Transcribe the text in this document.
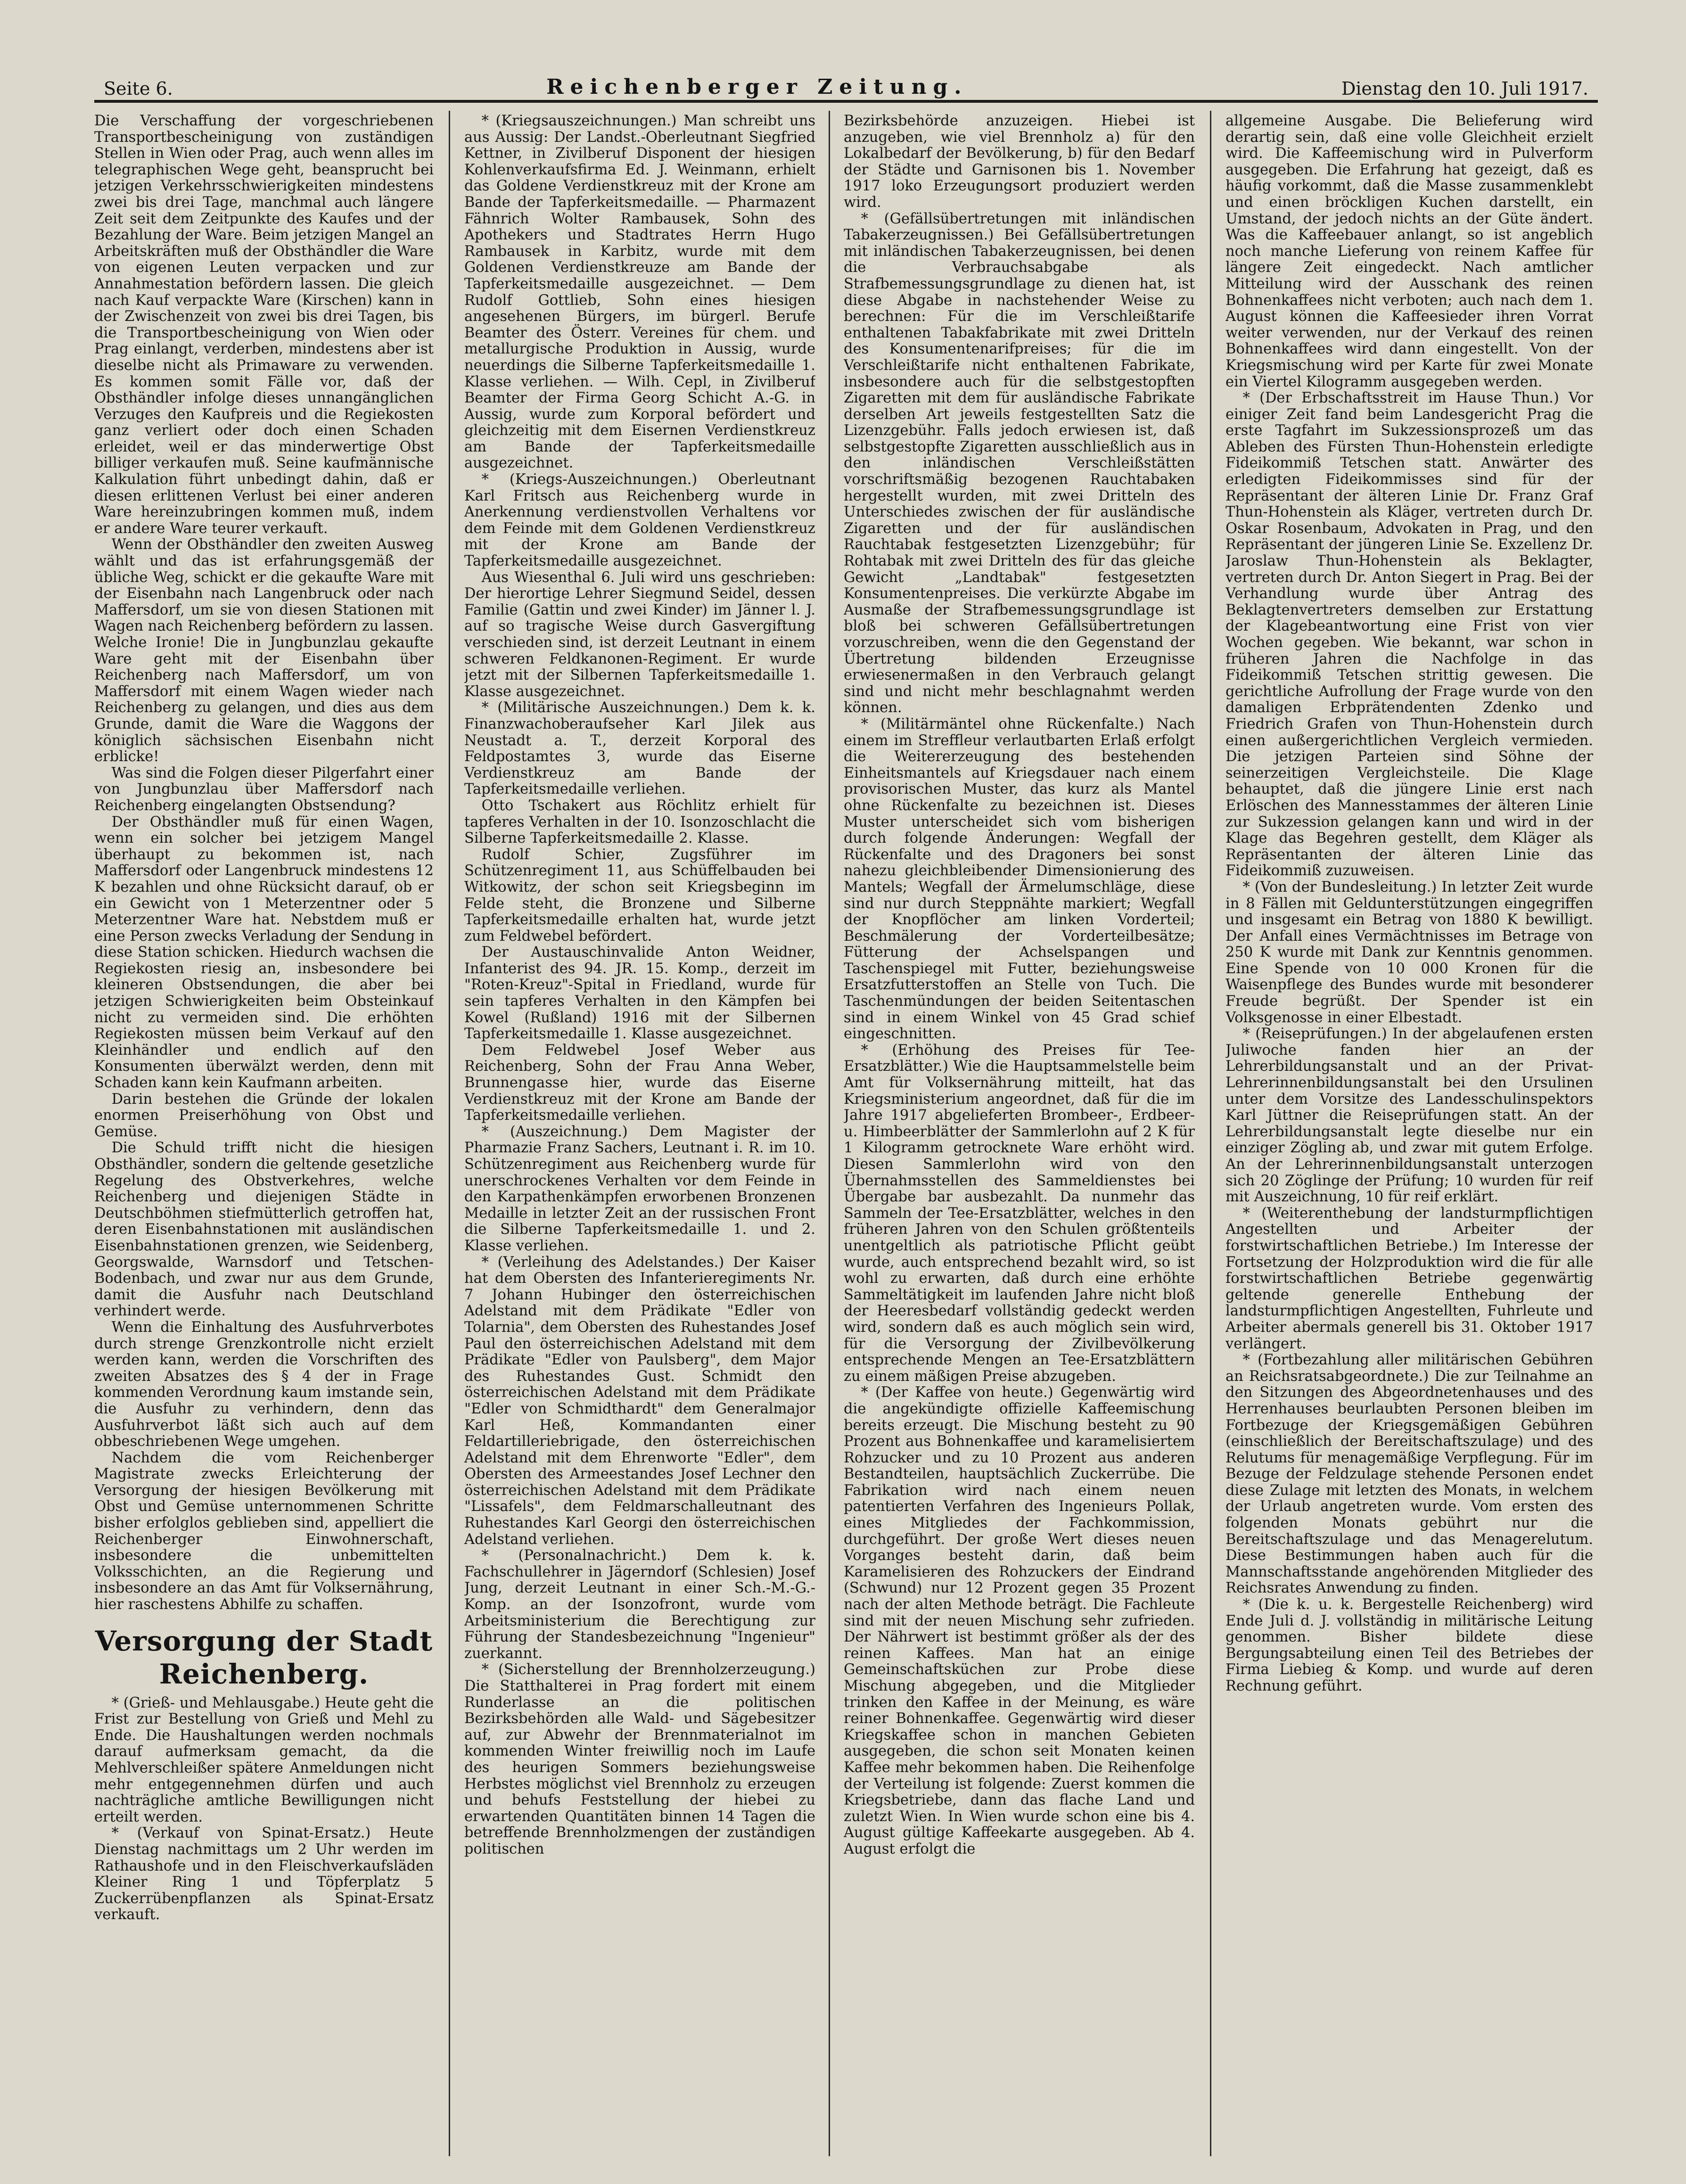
Seite 6.	Reichenberger Zeitung.	Dienstag den 10. Juli 1917.

Die Verschaffung der vorgeschriebenen Transportbescheinigung von zuständigen Stellen in Wien oder Prag, auch wenn alles im telegraphischen Wege geht, beansprucht bei jetzigen Verkehrsschwierigkeiten mindestens zwei bis drei Tage, manchmal auch längere Zeit seit dem Zeitpunkte des Kaufes und der Bezahlung der Ware. Beim jetzigen Mangel an Arbeitskräften muß der Obsthändler die Ware von eigenen Leuten verpacken und zur Annahmestation befördern lassen. Die gleich nach Kauf verpackte Ware (Kirschen) kann in der Zwischenzeit von zwei bis drei Tagen, bis die Transportbescheinigung von Wien oder Prag einlangt, verderben, mindestens aber ist dieselbe nicht als Primaware zu verwenden. Es kommen somit Fälle vor, daß der Obsthändler infolge dieses unnangänglichen Verzuges den Kaufpreis und die Regiekosten ganz verliert oder doch einen Schaden erleidet, weil er das minderwertige Obst billiger verkaufen muß. Seine kaufmännische Kalkulation führt unbedingt dahin, daß er diesen erlittenen Verlust bei einer anderen Ware hereinzubringen kommen muß, indem er andere Ware teurer verkauft.

Wenn der Obsthändler den zweiten Ausweg wählt und das ist erfahrungsgemäß der übliche Weg, schickt er die gekaufte Ware mit der Eisenbahn nach Langenbruck oder nach Maffersdorf, um sie von diesen Stationen mit Wagen nach Reichenberg befördern zu lassen. Welche Ironie! Die in Jungbunzlau gekaufte Ware geht mit der Eisenbahn über Reichenberg nach Maffersdorf, um von Maffersdorf mit einem Wagen wieder nach Reichenberg zu gelangen, und dies aus dem Grunde, damit die Ware die Waggons der königlich sächsischen Eisenbahn nicht erblicke!

Was sind die Folgen dieser Pilgerfahrt einer von Jungbunzlau über Maffersdorf nach Reichenberg eingelangten Obstsendung?

Der Obsthändler muß für einen Wagen, wenn ein solcher bei jetzigem Mangel überhaupt zu bekommen ist, nach Maffersdorf oder Langenbruck mindestens 12 K bezahlen und ohne Rücksicht darauf, ob er ein Gewicht von 1 Meterzentner oder 5 Meterzentner Ware hat. Nebstdem muß er eine Person zwecks Verladung der Sendung in diese Station schicken. Hiedurch wachsen die Regiekosten riesig an, insbesondere bei kleineren Obstsendungen, die aber bei jetzigen Schwierigkeiten beim Obsteinkauf nicht zu vermeiden sind. Die erhöhten Regiekosten müssen beim Verkauf auf den Kleinhändler und endlich auf den Konsumenten überwälzt werden, denn mit Schaden kann kein Kaufmann arbeiten.

Darin bestehen die Gründe der lokalen enormen Preiserhöhung von Obst und Gemüse.

Die Schuld trifft nicht die hiesigen Obsthändler, sondern die geltende gesetzliche Regelung des Obstverkehres, welche Reichenberg und diejenigen Städte in Deutschböhmen stiefmütterlich getroffen hat, deren Eisenbahnstationen mit ausländischen Eisenbahnstationen grenzen, wie Seidenberg, Georgswalde, Warnsdorf und Tetschen-Bodenbach, und zwar nur aus dem Grunde, damit die Ausfuhr nach Deutschland verhindert werde.

Wenn die Einhaltung des Ausfuhrverbotes durch strenge Grenzkontrolle nicht erzielt werden kann, werden die Vorschriften des zweiten Absatzes des § 4 der in Frage kommenden Verordnung kaum imstande sein, die Ausfuhr zu verhindern, denn das Ausfuhrverbot läßt sich auch auf dem obbeschriebenen Wege umgehen.

Nachdem die vom Reichenberger Magistrate zwecks Erleichterung der Versorgung der hiesigen Bevölkerung mit Obst und Gemüse unternommenen Schritte bisher erfolglos geblieben sind, appelliert die Reichenberger Einwohnerschaft, insbesondere die unbemittelten Volksschichten, an die Regierung und insbesondere an das Amt für Volksernährung, hier raschestens Abhilfe zu schaffen.

Versorgung der Stadt Reichenberg.

* (Grieß- und Mehlausgabe.) Heute geht die Frist zur Bestellung von Grieß und Mehl zu Ende. Die Haushaltungen werden nochmals darauf aufmerksam gemacht, da die Mehlverschleißer spätere Anmeldungen nicht mehr entgegennehmen dürfen und auch nachträgliche amtliche Bewilligungen nicht erteilt werden.

* (Verkauf von Spinat-Ersatz.) Heute Dienstag nachmittags um 2 Uhr werden im Rathaushofe und in den Fleischverkaufsläden Kleiner Ring 1 und Töpferplatz 5 Zuckerrübenpflanzen als Spinat-Ersatz verkauft.

* (Kriegsauszeichnungen.) Man schreibt uns aus Aussig: Der Landst.-Oberleutnant Siegfried Kettner, in Zivilberuf Disponent der hiesigen Kohlenverkaufsfirma Ed. J. Weinmann, erhielt das Goldene Verdienstkreuz mit der Krone am Bande der Tapferkeitsmedaille. — Pharmazent Fähnrich Wolter Rambausek, Sohn des Apothekers und Stadtrates Herrn Hugo Rambausek in Karbitz, wurde mit dem Goldenen Verdienstkreuze am Bande der Tapferkeitsmedaille ausgezeichnet. — Dem Rudolf Gottlieb, Sohn eines hiesigen angesehenen Bürgers, im bürgerl. Berufe Beamter des Österr. Vereines für chem. und metallurgische Produktion in Aussig, wurde neuerdings die Silberne Tapferkeitsmedaille 1. Klasse verliehen. — Wilh. Cepl, in Zivilberuf Beamter der Firma Georg Schicht A.-G. in Aussig, wurde zum Korporal befördert und gleichzeitig mit dem Eisernen Verdienstkreuz am Bande der Tapferkeitsmedaille ausgezeichnet.

* (Kriegs-Auszeichnungen.) Oberleutnant Karl Fritsch aus Reichenberg wurde in Anerkennung verdienstvollen Verhaltens vor dem Feinde mit dem Goldenen Verdienstkreuz mit der Krone am Bande der Tapferkeitsmedaille ausgezeichnet.

Aus Wiesenthal 6. Juli wird uns geschrieben: Der hierortige Lehrer Siegmund Seidel, dessen Familie (Gattin und zwei Kinder) im Jänner l. J. auf so tragische Weise durch Gasvergiftung verschieden sind, ist derzeit Leutnant in einem schweren Feldkanonen-Regiment. Er wurde jetzt mit der Silbernen Tapferkeitsmedaille 1. Klasse ausgezeichnet.

* (Militärische Auszeichnungen.) Dem k. k. Finanzwachoberaufseher Karl Jilek aus Neustadt a. T., derzeit Korporal des Feldpostamtes 3, wurde das Eiserne Verdienstkreuz am Bande der Tapferkeitsmedaille verliehen.

Otto Tschakert aus Röchlitz erhielt für tapferes Verhalten in der 10. Isonzoschlacht die Silberne Tapferkeitsmedaille 2. Klasse.

Rudolf Schier, Zugsführer im Schützenregiment 11, aus Schüffelbauden bei Witkowitz, der schon seit Kriegsbeginn im Felde steht, die Bronzene und Silberne Tapferkeitsmedaille erhalten hat, wurde jetzt zum Feldwebel befördert.

Der Austauschinvalide Anton Weidner, Infanterist des 94. JR. 15. Komp., derzeit im "Roten-Kreuz"-Spital in Friedland, wurde für sein tapferes Verhalten in den Kämpfen bei Kowel (Rußland) 1916 mit der Silbernen Tapferkeitsmedaille 1. Klasse ausgezeichnet.

Dem Feldwebel Josef Weber aus Reichenberg, Sohn der Frau Anna Weber, Brunnengasse hier, wurde das Eiserne Verdienstkreuz mit der Krone am Bande der Tapferkeitsmedaille verliehen.

* (Auszeichnung.) Dem Magister der Pharmazie Franz Sachers, Leutnant i. R. im 10. Schützenregiment aus Reichenberg wurde für unerschrockenes Verhalten vor dem Feinde in den Karpathenkämpfen erworbenen Bronzenen Medaille in letzter Zeit an der russischen Front die Silberne Tapferkeitsmedaille 1. und 2. Klasse verliehen.

* (Verleihung des Adelstandes.) Der Kaiser hat dem Obersten des Infanterieregiments Nr. 7 Johann Hubinger den österreichischen Adelstand mit dem Prädikate "Edler von Tolarnia", dem Obersten des Ruhestandes Josef Paul den österreichischen Adelstand mit dem Prädikate "Edler von Paulsberg", dem Major des Ruhestandes Gust. Schmidt den österreichischen Adelstand mit dem Prädikate "Edler von Schmidthardt" dem Generalmajor Karl Heß, Kommandanten einer Feldartilleriebrigade, den österreichischen Adelstand mit dem Ehrenworte "Edler", dem Obersten des Armeestandes Josef Lechner den österreichischen Adelstand mit dem Prädikate "Lissafels", dem Feldmarschalleutnant des Ruhestandes Karl Georgi den österreichischen Adelstand verliehen.

* (Personalnachricht.) Dem k. k. Fachschullehrer in Jägerndorf (Schlesien) Josef Jung, derzeit Leutnant in einer Sch.-M.-G.-Komp. an der Isonzofront, wurde vom Arbeitsministerium die Berechtigung zur Führung der Standesbezeichnung "Ingenieur" zuerkannt.

* (Sicherstellung der Brennholzerzeugung.) Die Statthalterei in Prag fordert mit einem Runderlasse an die politischen Bezirksbehörden alle Wald- und Sägebesitzer auf, zur Abwehr der Brennmaterialnot im kommenden Winter freiwillig noch im Laufe des heurigen Sommers beziehungsweise Herbstes möglichst viel Brennholz zu erzeugen und behufs Feststellung der hiebei zu erwartenden Quantitäten binnen 14 Tagen die betreffende Brennholzmengen der zuständigen politischen

Bezirksbehörde anzuzeigen. Hiebei ist anzugeben, wie viel Brennholz a) für den Lokalbedarf der Bevölkerung, b) für den Bedarf der Städte und Garnisonen bis 1. November 1917 loko Erzeugungsort produziert werden wird.

* (Gefällsübertretungen mit inländischen Tabakerzeugnissen.) Bei Gefällsübertretungen mit inländischen Tabakerzeugnissen, bei denen die Verbrauchsabgabe als Strafbemessungsgrundlage zu dienen hat, ist diese Abgabe in nachstehender Weise zu berechnen: Für die im Verschleißtarife enthaltenen Tabakfabrikate mit zwei Dritteln des Konsumentenarifpreises; für die im Verschleißtarife nicht enthaltenen Fabrikate, insbesondere auch für die selbstgestopften Zigaretten mit dem für ausländische Fabrikate derselben Art jeweils festgestellten Satz die Lizenzgebühr. Falls jedoch erwiesen ist, daß selbstgestopfte Zigaretten ausschließlich aus in den inländischen Verschleißstätten vorschriftsmäßig bezogenen Rauchtabaken hergestellt wurden, mit zwei Dritteln des Unterschiedes zwischen der für ausländische Zigaretten und der für ausländischen Rauchtabak festgesetzten Lizenzgebühr; für Rohtabak mit zwei Dritteln des für das gleiche Gewicht „Landtabak" festgesetzten Konsumentenpreises. Die verkürzte Abgabe im Ausmaße der Strafbemessungsgrundlage ist bloß bei schweren Gefällsübertretungen vorzuschreiben, wenn die den Gegenstand der Übertretung bildenden Erzeugnisse erwiesenermaßen in den Verbrauch gelangt sind und nicht mehr beschlagnahmt werden können.

* (Militärmäntel ohne Rückenfalte.) Nach einem im Streffleur verlautbarten Erlaß erfolgt die Weitererzeugung des bestehenden Einheitsmantels auf Kriegsdauer nach einem provisorischen Muster, das kurz als Mantel ohne Rückenfalte zu bezeichnen ist. Dieses Muster unterscheidet sich vom bisherigen durch folgende Änderungen: Wegfall der Rückenfalte und des Dragoners bei sonst nahezu gleichbleibender Dimensionierung des Mantels; Wegfall der Ärmelumschläge, diese sind nur durch Steppnähte markiert; Wegfall der Knopflöcher am linken Vorderteil; Beschmälerung der Vorderteilbesätze; Fütterung der Achselspangen und Taschenspiegel mit Futter, beziehungsweise Ersatzfutterstoffen an Stelle von Tuch. Die Taschenmündungen der beiden Seitentaschen sind in einem Winkel von 45 Grad schief eingeschnitten.

* (Erhöhung des Preises für Tee-Ersatzblätter.) Wie die Hauptsammelstelle beim Amt für Volksernährung mitteilt, hat das Kriegsministerium angeordnet, daß für die im Jahre 1917 abgelieferten Brombeer-, Erdbeer- u. Himbeerblätter der Sammlerlohn auf 2 K für 1 Kilogramm getrocknete Ware erhöht wird. Diesen Sammlerlohn wird von den Übernahmsstellen des Sammeldienstes bei Übergabe bar ausbezahlt. Da nunmehr das Sammeln der Tee-Ersatzblätter, welches in den früheren Jahren von den Schulen größtenteils unentgeltlich als patriotische Pflicht geübt wurde, auch entsprechend bezahlt wird, so ist wohl zu erwarten, daß durch eine erhöhte Sammeltätigkeit im laufenden Jahre nicht bloß der Heeresbedarf vollständig gedeckt werden wird, sondern daß es auch möglich sein wird, für die Versorgung der Zivilbevölkerung entsprechende Mengen an Tee-Ersatzblättern zu einem mäßigen Preise abzugeben.

* (Der Kaffee von heute.) Gegenwärtig wird die angekündigte offizielle Kaffeemischung bereits erzeugt. Die Mischung besteht zu 90 Prozent aus Bohnenkaffee und karamelisiertem Rohzucker und zu 10 Prozent aus anderen Bestandteilen, hauptsächlich Zuckerrübe. Die Fabrikation wird nach einem neuen patentierten Verfahren des Ingenieurs Pollak, eines Mitgliedes der Fachkommission, durchgeführt. Der große Wert dieses neuen Vorganges besteht darin, daß beim Karamelisieren des Rohzuckers der Eindrand (Schwund) nur 12 Prozent gegen 35 Prozent nach der alten Methode beträgt. Die Fachleute sind mit der neuen Mischung sehr zufrieden. Der Nährwert ist bestimmt größer als der des reinen Kaffees. Man hat an einige Gemeinschaftsküchen zur Probe diese Mischung abgegeben, und die Mitglieder trinken den Kaffee in der Meinung, es wäre reiner Bohnenkaffee. Gegenwärtig wird dieser Kriegskaffee schon in manchen Gebieten ausgegeben, die schon seit Monaten keinen Kaffee mehr bekommen haben. Die Reihenfolge der Verteilung ist folgende: Zuerst kommen die Kriegsbetriebe, dann das flache Land und zuletzt Wien. In Wien wurde schon eine bis 4. August gültige Kaffeekarte ausgegeben. Ab 4. August erfolgt die

allgemeine Ausgabe. Die Belieferung wird derartig sein, daß eine volle Gleichheit erzielt wird. Die Kaffeemischung wird in Pulverform ausgegeben. Die Erfahrung hat gezeigt, daß es häufig vorkommt, daß die Masse zusammenklebt und einen bröckligen Kuchen darstellt, ein Umstand, der jedoch nichts an der Güte ändert. Was die Kaffeebauer anlangt, so ist angeblich noch manche Lieferung von reinem Kaffee für längere Zeit eingedeckt. Nach amtlicher Mitteilung wird der Ausschank des reinen Bohnenkaffees nicht verboten; auch nach dem 1. August können die Kaffeesieder ihren Vorrat weiter verwenden, nur der Verkauf des reinen Bohnenkaffees wird dann eingestellt. Von der Kriegsmischung wird per Karte für zwei Monate ein Viertel Kilogramm ausgegeben werden.

* (Der Erbschaftsstreit im Hause Thun.) Vor einiger Zeit fand beim Landesgericht Prag die erste Tagfahrt im Sukzessionsprozeß um das Ableben des Fürsten Thun-Hohenstein erledigte Fideikommiß Tetschen statt. Anwärter des erledigten Fideikommisses sind für der Repräsentant der älteren Linie Dr. Franz Graf Thun-Hohenstein als Kläger, vertreten durch Dr. Oskar Rosenbaum, Advokaten in Prag, und den Repräsentant der jüngeren Linie Se. Exzellenz Dr. Jaroslaw Thun-Hohenstein als Beklagter, vertreten durch Dr. Anton Siegert in Prag. Bei der Verhandlung wurde über Antrag des Beklagtenvertreters demselben zur Erstattung der Klagebeantwortung eine Frist von vier Wochen gegeben. Wie bekannt, war schon in früheren Jahren die Nachfolge in das Fideikommiß Tetschen strittig gewesen. Die gerichtliche Aufrollung der Frage wurde von den damaligen Erbprätendenten Zdenko und Friedrich Grafen von Thun-Hohenstein durch einen außergerichtlichen Vergleich vermieden. Die jetzigen Parteien sind Söhne der seinerzeitigen Vergleichsteile. Die Klage behauptet, daß die jüngere Linie erst nach Erlöschen des Mannesstammes der älteren Linie zur Sukzession gelangen kann und wird in der Klage das Begehren gestellt, dem Kläger als Repräsentanten der älteren Linie das Fideikommiß zuzuweisen.

* (Von der Bundesleitung.) In letzter Zeit wurde in 8 Fällen mit Geldunterstützungen eingegriffen und insgesamt ein Betrag von 1880 K bewilligt. Der Anfall eines Vermächtnisses im Betrage von 250 K wurde mit Dank zur Kenntnis genommen. Eine Spende von 10 000 Kronen für die Waisenpflege des Bundes wurde mit besonderer Freude begrüßt. Der Spender ist ein Volksgenosse in einer Elbestadt.

* (Reiseprüfungen.) In der abgelaufenen ersten Juliwoche fanden hier an der Lehrerbildungsanstalt und an der Privat-Lehrerinnenbildungsanstalt bei den Ursulinen unter dem Vorsitze des Landesschulinspektors Karl Jüttner die Reiseprüfungen statt. An der Lehrerbildungsanstalt legte dieselbe nur ein einziger Zögling ab, und zwar mit gutem Erfolge. An der Lehrerinnenbildungsanstalt unterzogen sich 20 Zöglinge der Prüfung; 10 wurden für reif mit Auszeichnung, 10 für reif erklärt.

* (Weiterenthebung der landsturmpflichtigen Angestellten und Arbeiter der forstwirtschaftlichen Betriebe.) Im Interesse der Fortsetzung der Holzproduktion wird die für alle forstwirtschaftlichen Betriebe gegenwärtig geltende generelle Enthebung der landsturmpflichtigen Angestellten, Fuhrleute und Arbeiter abermals generell bis 31. Oktober 1917 verlängert.

* (Fortbezahlung aller militärischen Gebühren an Reichsratsabgeordnete.) Die zur Teilnahme an den Sitzungen des Abgeordnetenhauses und des Herrenhauses beurlaubten Personen bleiben im Fortbezuge der Kriegsgemäßigen Gebühren (einschließlich der Bereitschaftszulage) und des Relutums für menagemäßige Verpflegung. Für im Bezuge der Feldzulage stehende Personen endet diese Zulage mit letzten des Monats, in welchem der Urlaub angetreten wurde. Vom ersten des folgenden Monats gebührt nur die Bereitschaftszulage und das Menagerelutum. Diese Bestimmungen haben auch für die Mannschaftsstande angehörenden Mitglieder des Reichsrates Anwendung zu finden.

* (Die k. u. k. Bergestelle Reichenberg) wird Ende Juli d. J. vollständig in militärische Leitung genommen. Bisher bildete diese Bergungsabteilung einen Teil des Betriebes der Firma Liebieg & Komp. und wurde auf deren Rechnung geführt.
